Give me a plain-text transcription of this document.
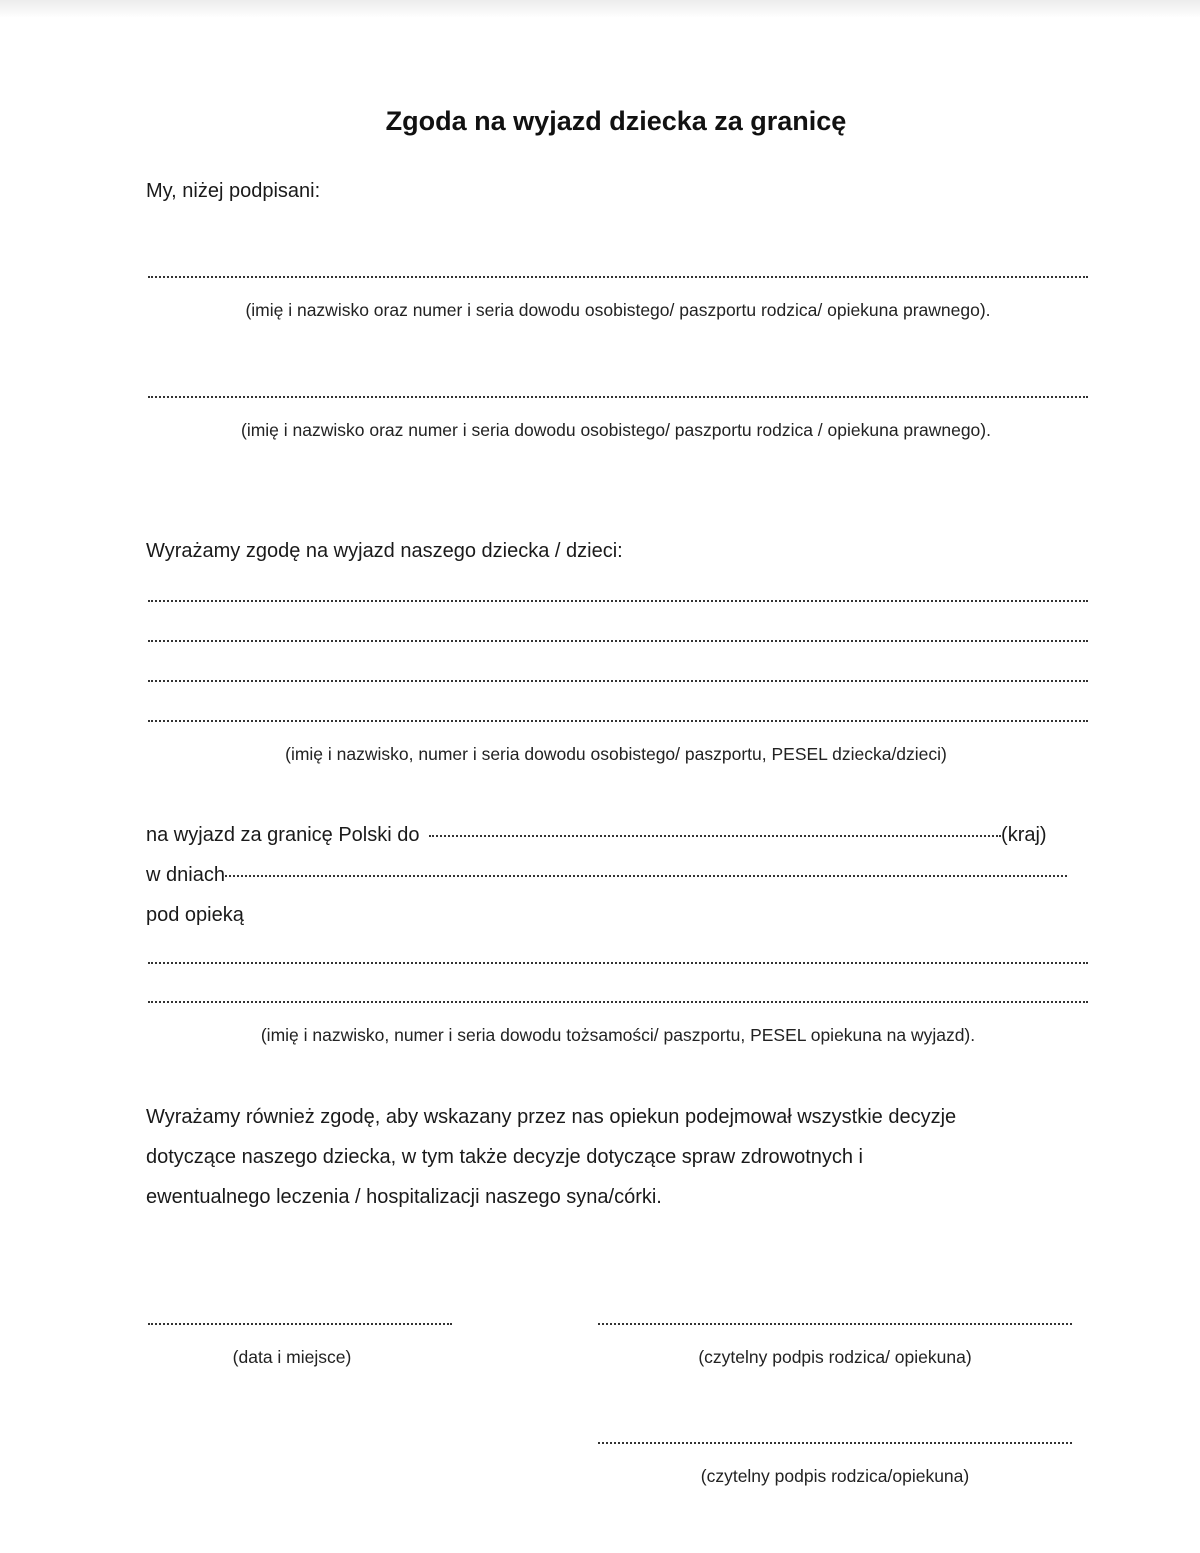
Zgoda na wyjazd dziecka za granicę
My, niżej podpisani:
(imię i nazwisko oraz numer i seria dowodu osobistego/ paszportu rodzica/ opiekuna prawnego).
(imię i nazwisko oraz numer i seria dowodu osobistego/ paszportu rodzica / opiekuna prawnego).
Wyrażamy zgodę na wyjazd naszego dziecka / dzieci:
(imię i nazwisko, numer i seria dowodu osobistego/ paszportu, PESEL dziecka/dzieci)
na wyjazd za granicę Polski do	(kraj)
w dniach
pod opieką
(imię i nazwisko, numer i seria dowodu tożsamości/ paszportu, PESEL opiekuna na wyjazd).
Wyrażamy również zgodę, aby wskazany przez nas opiekun podejmował wszystkie decyzje
dotyczące naszego dziecka, w tym także decyzje dotyczące spraw zdrowotnych i
ewentualnego leczenia / hospitalizacji naszego syna/córki.
(data i miejsce)	(czytelny podpis rodzica/ opiekuna)
(czytelny podpis rodzica/opiekuna)
